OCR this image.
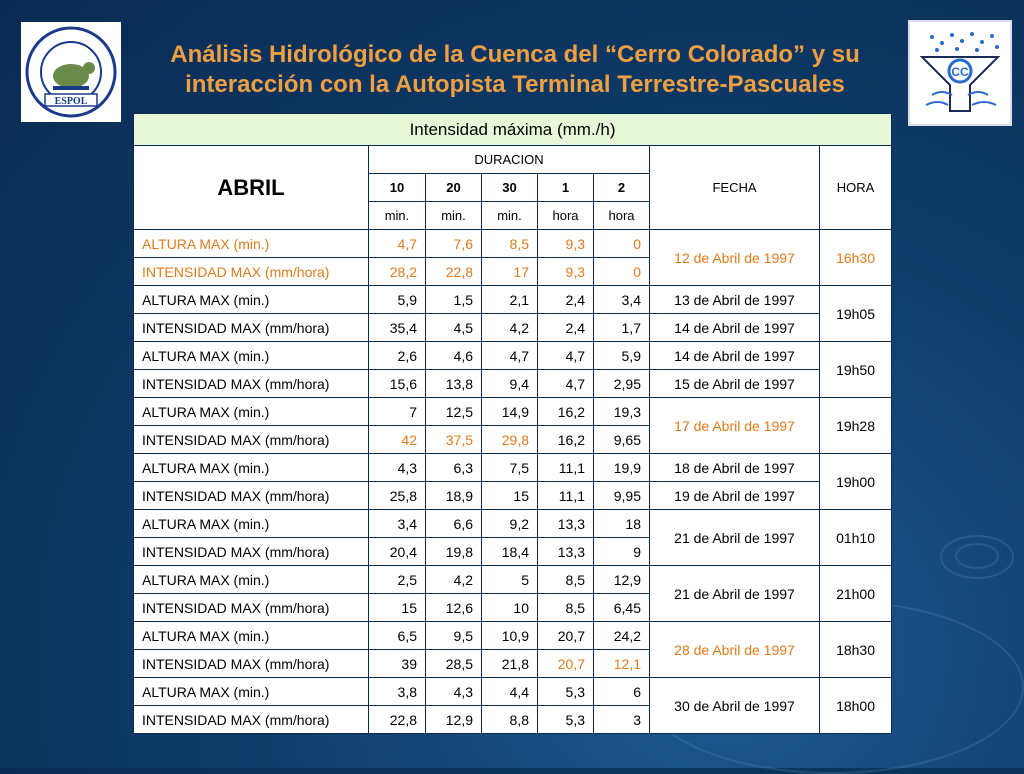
ESPOL
CC
Análisis Hidrológico de la Cuenca del “Cerro Colorado” y su
interacción con la Autopista Terminal Terrestre-Pascuales
Intensidad máxima (mm./h)							
ABRIL	DURACION					FECHA	HORA
	10	20	30	1	2		
	min.	min.	min.	hora	hora		
ALTURA MAX (min.)	4,7	7,6	8,5	9,3	0	12 de Abril de 1997	16h30
INTENSIDAD MAX (mm/hora)	28,2	22,8	17	9,3	0		
ALTURA MAX (min.)	5,9	1,5	2,1	2,4	3,4	13 de Abril de 1997	19h05
INTENSIDAD MAX (mm/hora)	35,4	4,5	4,2	2,4	1,7	14 de Abril de 1997	
ALTURA MAX (min.)	2,6	4,6	4,7	4,7	5,9	14 de Abril de 1997	19h50
INTENSIDAD MAX (mm/hora)	15,6	13,8	9,4	4,7	2,95	15 de Abril de 1997	
ALTURA MAX (min.)	7	12,5	14,9	16,2	19,3	17 de Abril de 1997	19h28
INTENSIDAD MAX (mm/hora)	42	37,5	29,8	16,2	9,65		
ALTURA MAX (min.)	4,3	6,3	7,5	11,1	19,9	18 de Abril de 1997	19h00
INTENSIDAD MAX (mm/hora)	25,8	18,9	15	11,1	9,95	19 de Abril de 1997	
ALTURA MAX (min.)	3,4	6,6	9,2	13,3	18	21 de Abril de 1997	01h10
INTENSIDAD MAX (mm/hora)	20,4	19,8	18,4	13,3	9		
ALTURA MAX (min.)	2,5	4,2	5	8,5	12,9	21 de Abril de 1997	21h00
INTENSIDAD MAX (mm/hora)	15	12,6	10	8,5	6,45		
ALTURA MAX (min.)	6,5	9,5	10,9	20,7	24,2	28 de Abril de 1997	18h30
INTENSIDAD MAX (mm/hora)	39	28,5	21,8	20,7	12,1		
ALTURA MAX (min.)	3,8	4,3	4,4	5,3	6	30 de Abril de 1997	18h00
INTENSIDAD MAX (mm/hora)	22,8	12,9	8,8	5,3	3		
